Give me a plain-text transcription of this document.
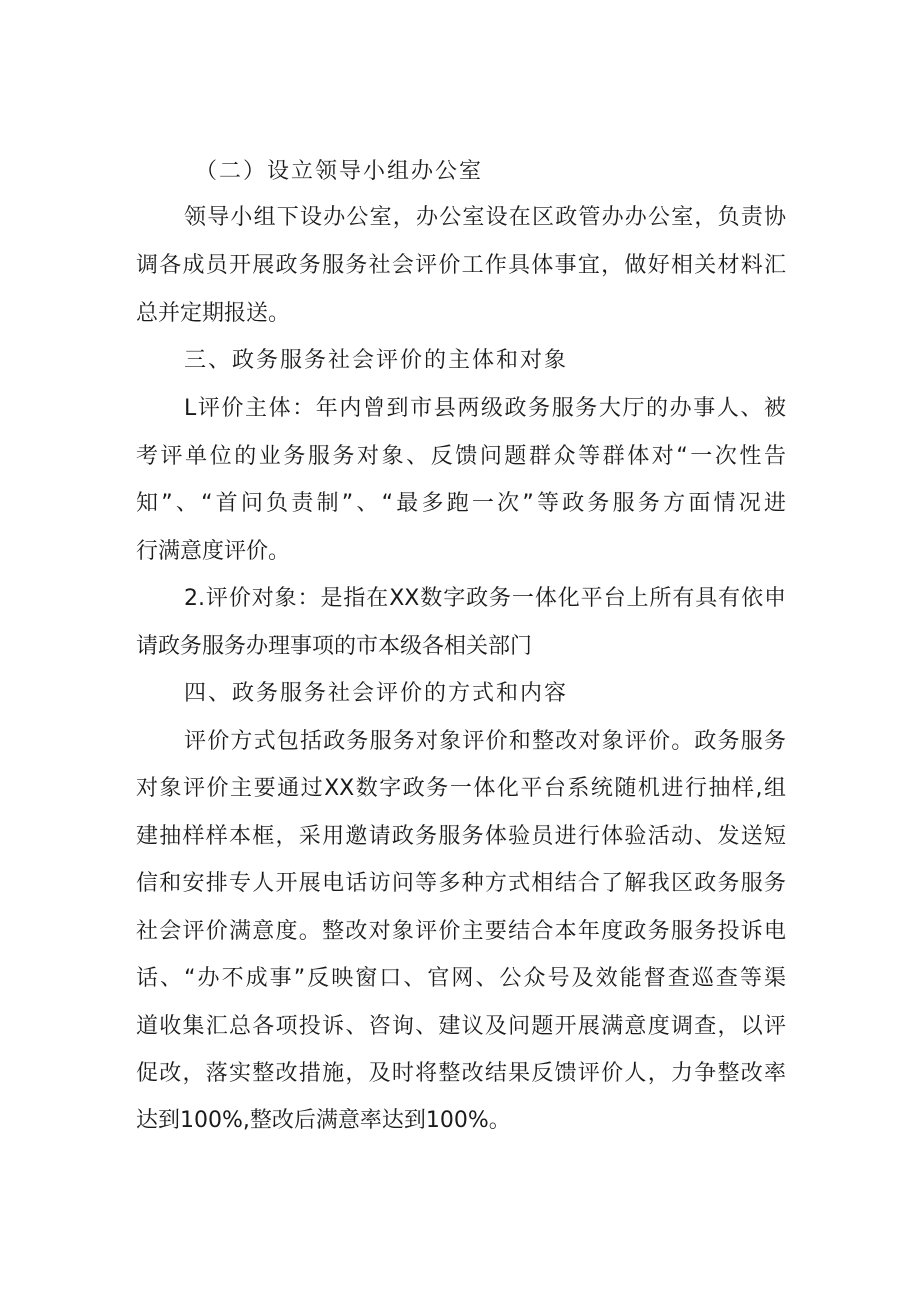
（二）设立领导小组办公室
领导小组下设办公室，办公室设在区政管办办公室，负责协
调各成员开展政务服务社会评价工作具体事宜，做好相关材料汇
总并定期报送。
三、政务服务社会评价的主体和对象
L评价主体：年内曾到市县两级政务服务大厅的办事人、被
考评单位的业务服务对象、反馈问题群众等群体对“一次性告
知”、“首问负责制”、“最多跑一次”等政务服务方面情况进
行满意度评价。
2.评价对象：是指在XX数字政务一体化平台上所有具有依申
请政务服务办理事项的市本级各相关部门
四、政务服务社会评价的方式和内容
评价方式包括政务服务对象评价和整改对象评价。政务服务
对象评价主要通过XX数字政务一体化平台系统随机进行抽样,组
建抽样样本框，采用邀请政务服务体验员进行体验活动、发送短
信和安排专人开展电话访问等多种方式相结合了解我区政务服务
社会评价满意度。整改对象评价主要结合本年度政务服务投诉电
话、“办不成事”反映窗口、官网、公众号及效能督查巡查等渠
道收集汇总各项投诉、咨询、建议及问题开展满意度调查，以评
促改，落实整改措施，及时将整改结果反馈评价人，力争整改率
达到100%,整改后满意率达到100%。
